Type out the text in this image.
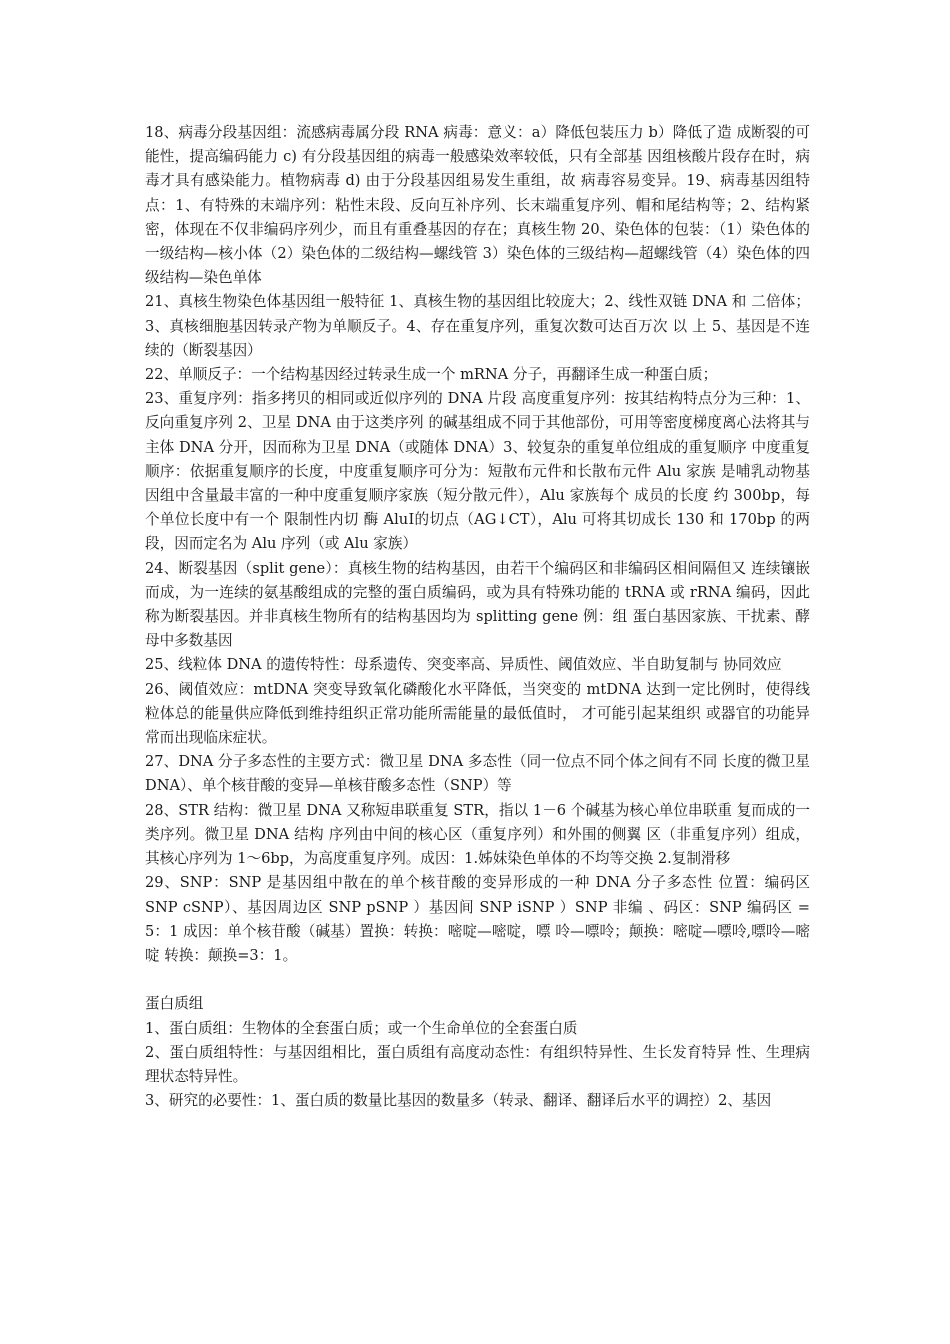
18、病毒分段基因组：流感病毒属分段 RNA 病毒：意义：a）降低包装压力 b）降低了造 成断裂的可能性，提高编码能力 c) 有分段基因组的病毒一般感染效率较低，只有全部基 因组核酸片段存在时，病毒才具有感染能力。植物病毒 d) 由于分段基因组易发生重组，故 病毒容易变异。19、病毒基因组特点：1、有特殊的末端序列：粘性末段、反向互补序列、长末端重复序列、帽和尾结构等；2、结构紧密，体现在不仅非编码序列少，而且有重叠基因的存在；真核生物 20、染色体的包装：（1）染色体的一级结构—核小体（2）染色体的二级结构—螺线管 3）染色体的三级结构—超螺线管（4）染色体的四级结构—染色单体

21、真核生物染色体基因组一般特征 1、真核生物的基因组比较庞大；2、线性双链 DNA 和 二倍体；3、真核细胞基因转录产物为单顺反子。4、存在重复序列，重复次数可达百万次 以 上 5、基因是不连续的（断裂基因）

22、单顺反子：一个结构基因经过转录生成一个 mRNA 分子，再翻译生成一种蛋白质；

23、重复序列：指多拷贝的相同或近似序列的 DNA 片段 高度重复序列：按其结构特点分为三种：1、反向重复序列 2、卫星 DNA 由于这类序列 的碱基组成不同于其他部份，可用等密度梯度离心法将其与主体 DNA 分开，因而称为卫星 DNA（或随体 DNA）3、较复杂的重复单位组成的重复顺序 中度重复顺序：依据重复顺序的长度，中度重复顺序可分为：短散布元件和长散布元件 Alu 家族 是哺乳动物基因组中含量最丰富的一种中度重复顺序家族（短分散元件），Alu 家族每个 成员的长度 约 300bp，每 个单位长度中有一个 限制性内切 酶 AluⅠ的切点（AG↓CT），Alu 可将其切成长 130 和 170bp 的两段，因而定名为 Alu 序列（或 Alu 家族）

24、断裂基因（split gene）：真核生物的结构基因，由若干个编码区和非编码区相间隔但又 连续镶嵌而成，为一连续的氨基酸组成的完整的蛋白质编码，或为具有特殊功能的 tRNA 或 rRNA 编码，因此称为断裂基因。并非真核生物所有的结构基因均为 splitting gene 例：组 蛋白基因家族、干扰素、酵母中多数基因

25、线粒体 DNA 的遗传特性：母系遗传、突变率高、异质性、阈值效应、半自助复制与 协同效应

26、阈值效应：mtDNA 突变导致氧化磷酸化水平降低，当突变的 mtDNA 达到一定比例时，使得线粒体总的能量供应降低到维持组织正常功能所需能量的最低值时， 才可能引起某组织 或器官的功能异常而出现临床症状。

27、DNA 分子多态性的主要方式：微卫星 DNA 多态性（同一位点不同个体之间有不同 长度的微卫星 DNA）、单个核苷酸的变异—单核苷酸多态性（SNP）等

28、STR 结构：微卫星 DNA 又称短串联重复 STR，指以 1－6 个碱基为核心单位串联重 复而成的一类序列。微卫星 DNA 结构 序列由中间的核心区（重复序列）和外围的侧翼 区（非重复序列）组成，其核心序列为 1～6bp，为高度重复序列。成因：1.姊妹染色单体的不均等交换 2.复制滑移

29、SNP：SNP 是基因组中散在的单个核苷酸的变异形成的一种 DNA 分子多态性 位置：编码区 SNP cSNP）、基因周边区 SNP pSNP ）基因间 SNP iSNP ）SNP 非编 、码区：SNP 编码区 = 5：1 成因：单个核苷酸（碱基）置换：转换：嘧啶—嘧啶，嘌 呤—嘌呤；颠换：嘧啶—嘌呤,嘌呤—嘧啶 转换：颠换=3：1。

蛋白质组

1、蛋白质组：生物体的全套蛋白质；或一个生命单位的全套蛋白质

2、蛋白质组特性：与基因组相比，蛋白质组有高度动态性：有组织特异性、生长发育特异 性、生理病理状态特异性。

3、研究的必要性：1、蛋白质的数量比基因的数量多（转录、翻译、翻译后水平的调控）2、基因
